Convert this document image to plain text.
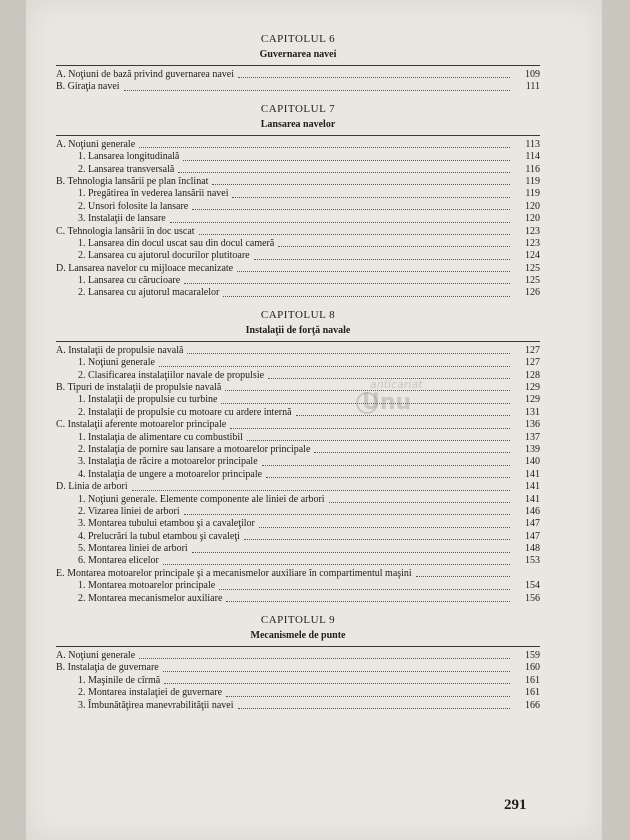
CAPITOLUL 6
Guvernarea navei
A. Noţiuni de bază privind guvernarea navei	109
B. Giraţia navei	111
CAPITOLUL 7
Lansarea navelor
A. Noţiuni generale	113
1. Lansarea longitudinală	114
2. Lansarea transversală	116
B. Tehnologia lansării pe plan înclinat	119
1. Pregătirea în vederea lansării navei	119
2. Unsori folosite la lansare	120
3. Instalaţii de lansare	120
C. Tehnologia lansării în doc uscat	123
1. Lansarea din docul uscat sau din docul cameră	123
2. Lansarea cu ajutorul docurilor plutitoare	124
D. Lansarea navelor cu mijloace mecanizate	125
1. Lansarea cu cărucioare	125
2. Lansarea cu ajutorul macaralelor	126
CAPITOLUL 8
Instalaţii de forţă navale
A. Instalaţii de propulsie navală	127
1. Noţiuni generale	127
2. Clasificarea instalaţiilor navale de propulsie	128
B. Tipuri de instalaţii de propulsie navală	129
1. Instalaţii de propulsie cu turbine	129
2. Instalaţii de propulsie cu motoare cu ardere internă	131
C. Instalaţii aferente motoarelor principale	136
1. Instalaţia de alimentare cu combustibil	137
2. Instalaţia de pornire sau lansare a motoarelor principale	139
3. Instalaţia de răcire a motoarelor principale	140
4. Instalaţia de ungere a motoarelor principale	141
D. Linia de arbori	141
1. Noţiuni generale. Elemente componente ale liniei de arbori	141
2. Vizarea liniei de arbori	146
3. Montarea tubului etambou şi a cavaleţilor	147
4. Prelucrări la tubul etambou şi cavaleţi	147
5. Montarea liniei de arbori	148
6. Montarea elicelor	153
E. Montarea motoarelor principale şi a mecanismelor auxiliare în compartimentul maşini
1. Montarea motoarelor principale	154
2. Montarea mecanismelor auxiliare	156
CAPITOLUL 9
Mecanismele de punte
A. Noţiuni generale	159
B. Instalaţia de guvernare	160
1. Maşinile de cîrmă	161
2. Montarea instalaţiei de guvernare	161
3. Îmbunătăţirea manevrabilităţii navei	166
291
anticariat
Unu
